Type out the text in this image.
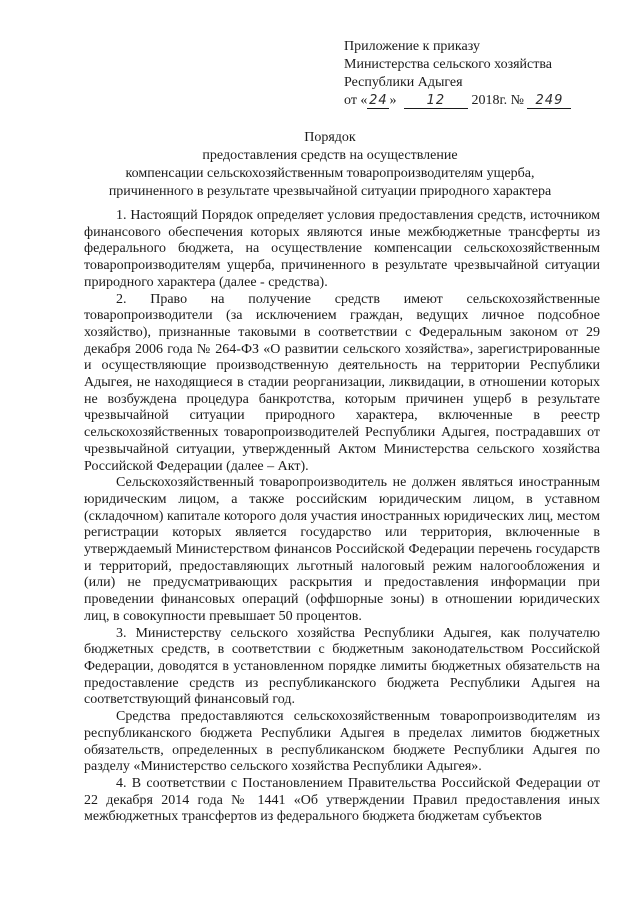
Приложение к приказу
Министерства сельского хозяйства
Республики Адыгея
от « 24 » 12 2018г. № 249
Порядок
предоставления средств на осуществление
компенсации сельскохозяйственным товаропроизводителям ущерба,
причиненного в результате чрезвычайной ситуации природного характера

1. Настоящий Порядок определяет условия предоставления средств, источником финансового обеспечения которых являются иные межбюджетные трансферты из федерального бюджета, на осуществление компенсации сельскохозяйственным товаропроизводителям ущерба, причиненного в результате чрезвычайной ситуации природного характера (далее - средства).

2. Право на получение средств имеют сельскохозяйственные товаропроизводители (за исключением граждан, ведущих личное подсобное хозяйство), признанные таковыми в соответствии с Федеральным законом от 29 декабря 2006 года № 264-ФЗ «О развитии сельского хозяйства», зарегистрированные и осуществляющие производственную деятельность на территории Республики Адыгея, не находящиеся в стадии реорганизации, ликвидации, в отношении которых не возбуждена процедура банкротства, которым причинен ущерб в результате чрезвычайной ситуации природного характера, включенные в реестр сельскохозяйственных товаропроизводителей Республики Адыгея, пострадавших от чрезвычайной ситуации, утвержденный Актом Министерства сельского хозяйства Российской Федерации (далее – Акт).

Сельскохозяйственный товаропроизводитель не должен являться иностранным юридическим лицом, а также российским юридическим лицом, в уставном (складочном) капитале которого доля участия иностранных юридических лиц, местом регистрации которых является государство или территория, включенные в утверждаемый Министерством финансов Российской Федерации перечень государств и территорий, предоставляющих льготный налоговый режим налогообложения и (или) не предусматривающих раскрытия и предоставления информации при проведении финансовых операций (оффшорные зоны) в отношении юридических лиц, в совокупности превышает 50 процентов.

3. Министерству сельского хозяйства Республики Адыгея, как получателю бюджетных средств, в соответствии с бюджетным законодательством Российской Федерации, доводятся в установленном порядке лимиты бюджетных обязательств на предоставление средств из республиканского бюджета Республики Адыгея на соответствующий финансовый год.

Средства предоставляются сельскохозяйственным товаропроизводителям из республиканского бюджета Республики Адыгея в пределах лимитов бюджетных обязательств, определенных в республиканском бюджете Республики Адыгея по разделу «Министерство сельского хозяйства Республики Адыгея».

4. В соответствии с Постановлением Правительства Российской Федерации от 22 декабря 2014 года № 1441 «Об утверждении Правил предоставления иных межбюджетных трансфертов из федерального бюджета бюджетам субъектов
